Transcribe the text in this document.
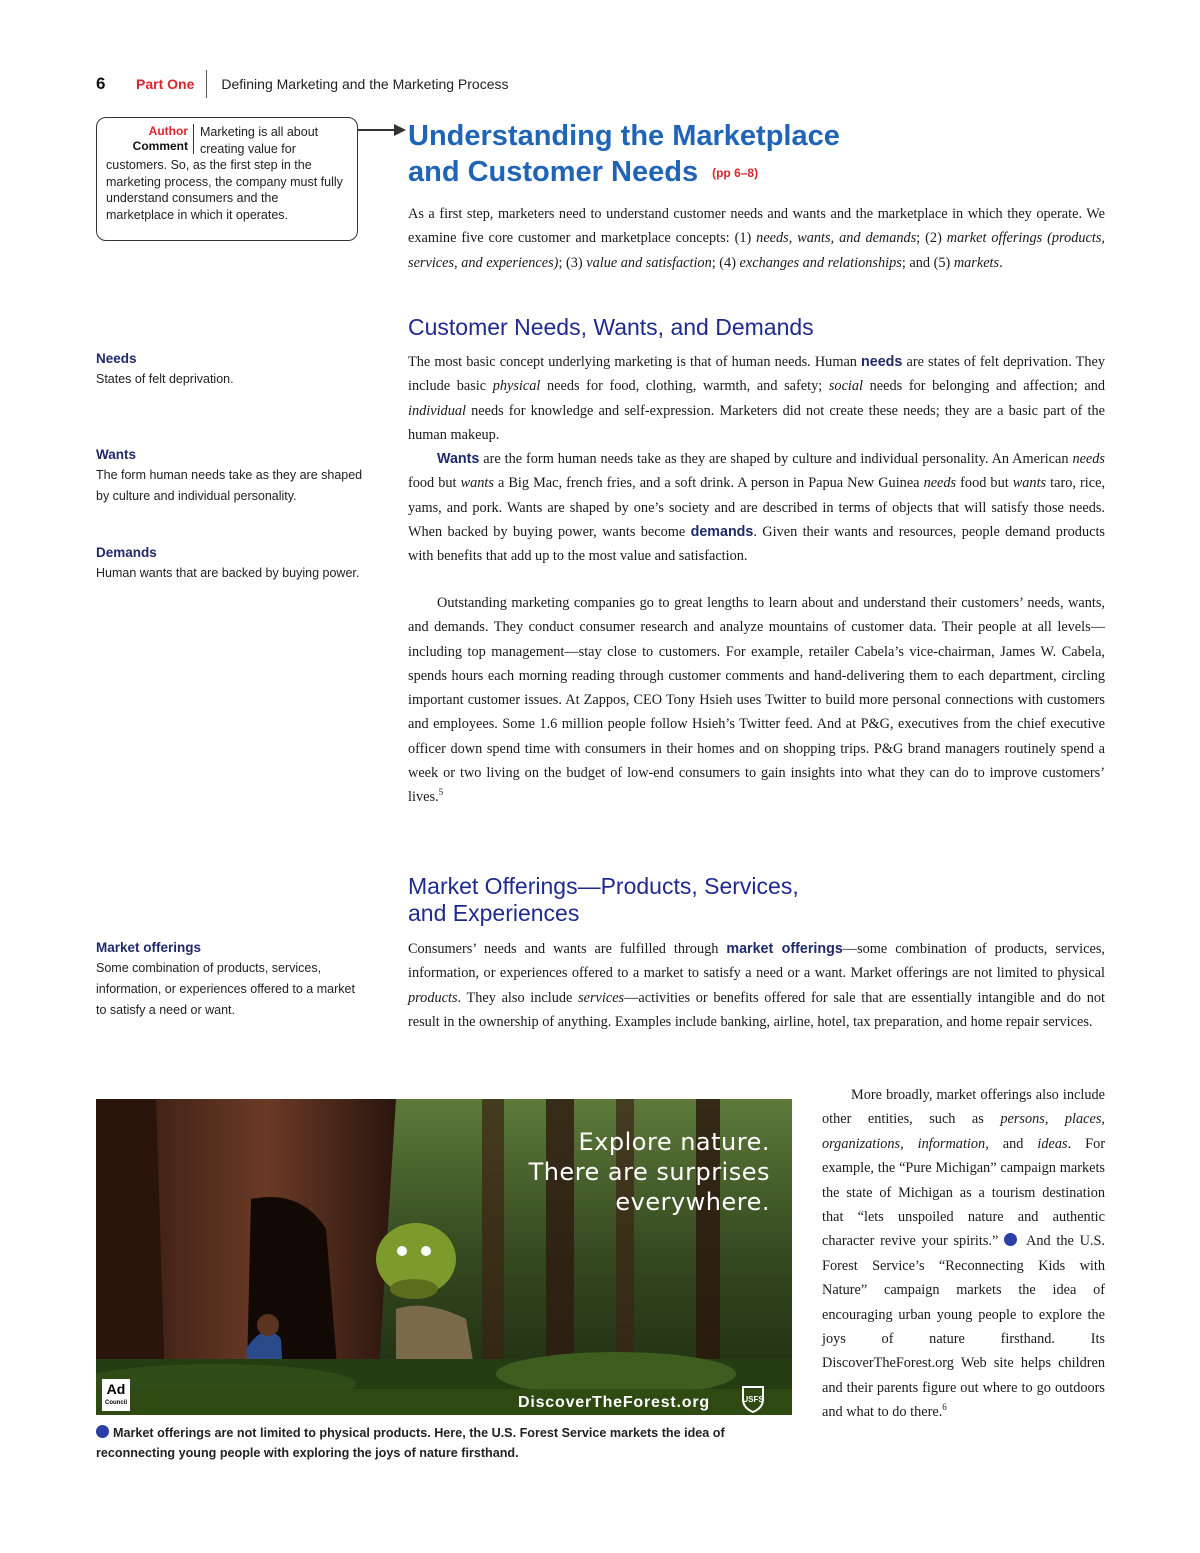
6	Part One	Defining Marketing and the Marketing Process
Author
Comment
Marketing is all about creating value for customers. So, as the first step in the marketing process, the company must fully understand consumers and the marketplace in which it operates.
Understanding the Marketplace
and Customer Needs (pp 6–8)

As a first step, marketers need to understand customer needs and wants and the marketplace in which they operate. We examine five core customer and marketplace concepts: (1) needs, wants, and demands; (2) market offerings (products, services, and experiences); (3) value and satisfaction; (4) exchanges and relationships; and (5) markets.

Customer Needs, Wants, and Demands

The most basic concept underlying marketing is that of human needs. Human needs are states of felt deprivation. They include basic physical needs for food, clothing, warmth, and safety; social needs for belonging and affection; and individual needs for knowledge and self-expression. Marketers did not create these needs; they are a basic part of the human makeup.

Wants are the form human needs take as they are shaped by culture and individual personality. An American needs food but wants a Big Mac, french fries, and a soft drink. A person in Papua New Guinea needs food but wants taro, rice, yams, and pork. Wants are shaped by one’s society and are described in terms of objects that will satisfy those needs. When backed by buying power, wants become demands. Given their wants and resources, people demand products with benefits that add up to the most value and satisfaction.

Outstanding marketing companies go to great lengths to learn about and understand their customers’ needs, wants, and demands. They conduct consumer research and analyze mountains of customer data. Their people at all levels—including top management—stay close to customers. For example, retailer Cabela’s vice-chairman, James W. Cabela, spends hours each morning reading through customer comments and hand-delivering them to each department, circling important customer issues. At Zappos, CEO Tony Hsieh uses Twitter to build more personal connections with customers and employees. Some 1.6 million people follow Hsieh’s Twitter feed. And at P&G, executives from the chief executive officer down spend time with consumers in their homes and on shopping trips. P&G brand managers routinely spend a week or two living on the budget of low-end consumers to gain insights into what they can do to improve customers’ lives.$^5$

Market Offerings—Products, Services,
and Experiences

Consumers’ needs and wants are fulfilled through market offerings—some combination of products, services, information, or experiences offered to a market to satisfy a need or a want. Market offerings are not limited to physical products. They also include services—activities or benefits offered for sale that are essentially intangible and do not result in the ownership of anything. Examples include banking, airline, hotel, tax preparation, and home repair services.

Needs
States of felt deprivation.
Wants
The form human needs take as they are shaped by culture and individual personality.
Demands
Human wants that are backed by buying power.
Market offerings
Some combination of products, services, information, or experiences offered to a market to satisfy a need or want.
Explore nature.
There are surprises
everywhere.
Ad
Council	DiscoverTheForest.org	USFS
Market offerings are not limited to physical products. Here, the U.S. Forest Service markets the idea of reconnecting young people with exploring the joys of nature firsthand.

More broadly, market offerings also include other entities, such as persons, places, organizations, information, and ideas. For example, the “Pure Michigan” campaign markets the state of Michigan as a tourism destination that “lets unspoiled nature and authentic character revive your spirits.”  And the U.S. Forest Service’s “Reconnecting Kids with Nature” campaign markets the idea of encouraging urban young people to explore the joys of nature firsthand. Its DiscoverTheForest.org Web site helps children and their parents figure out where to go outdoors and what to do there.$^6$
